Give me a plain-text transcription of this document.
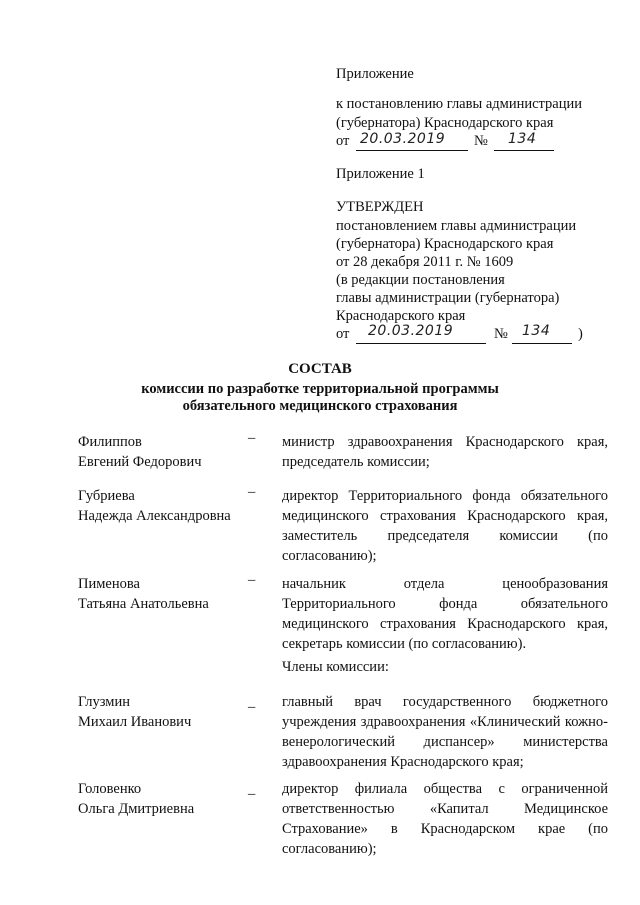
Приложение
к постановлению главы администрации
(губернатора) Краснодарского края
от 20.03.2019 № 134
Приложение 1
УТВЕРЖДЕН
постановлением главы администрации
(губернатора) Краснодарского края
от 28 декабря 2011 г. № 1609
(в редакции постановления
главы администрации (губернатора)
Краснодарского края
от 20.03.2019	№ 134 )
СОСТАВ
комиссии по разработке территориальной программы
обязательного медицинского страхования
Филиппов
Евгений Федорович
– министр здравоохранения Краснодарского края, председатель комиссии;
Губриева
Надежда Александровна
– директор Территориального фонда обязательного медицинского страхования Краснодарского края, заместитель председателя комиссии (по согласованию);
Пименова
Татьяна Анатольевна
– начальник отдела ценообразования Территориального фонда обязательного медицинского страхования Краснодарского края, секретарь комиссии (по согласованию).
Члены комиссии:
Глузмин
Михаил Иванович
_ главный врач государственного бюджетного учреждения здравоохранения «Клинический кожно-венерологический диспансер» министерства здравоохранения Краснодарского края;
Головенко
Ольга Дмитриевна
_ директор филиала общества с ограниченной ответственностью «Капитал Медицинское Страхование» в Краснодарском крае (по согласованию);
